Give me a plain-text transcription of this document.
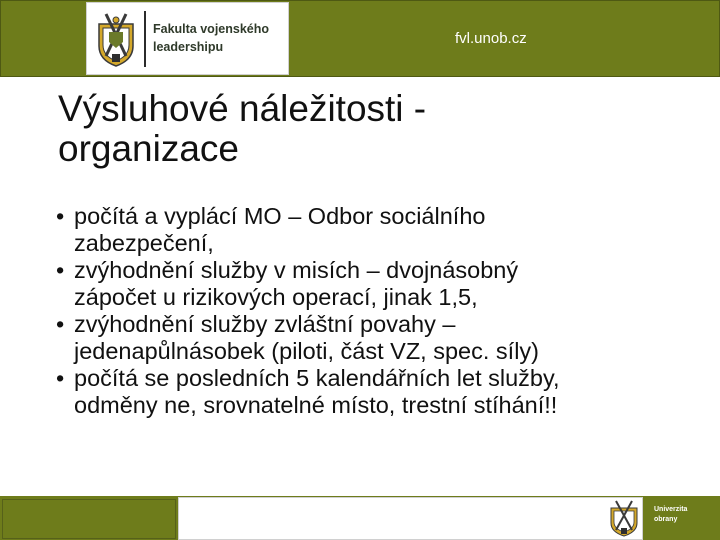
Fakulta vojenského
leadershipu	fvl.unob.cz
Výsluhové náležitosti -
organizace
• počítá a vyplácí MO – Odbor sociálního
zabezpečení,
• zvýhodnění služby v misích – dvojnásobný
zápočet u rizikových operací, jinak 1,5,
• zvýhodnění služby zvláštní povahy –
jedenapůlnásobek (piloti, část VZ, spec. síly)
• počítá se posledních 5 kalendářních let služby,
odměny ne, srovnatelné místo, trestní stíhání!!
Univerzita
obrany
